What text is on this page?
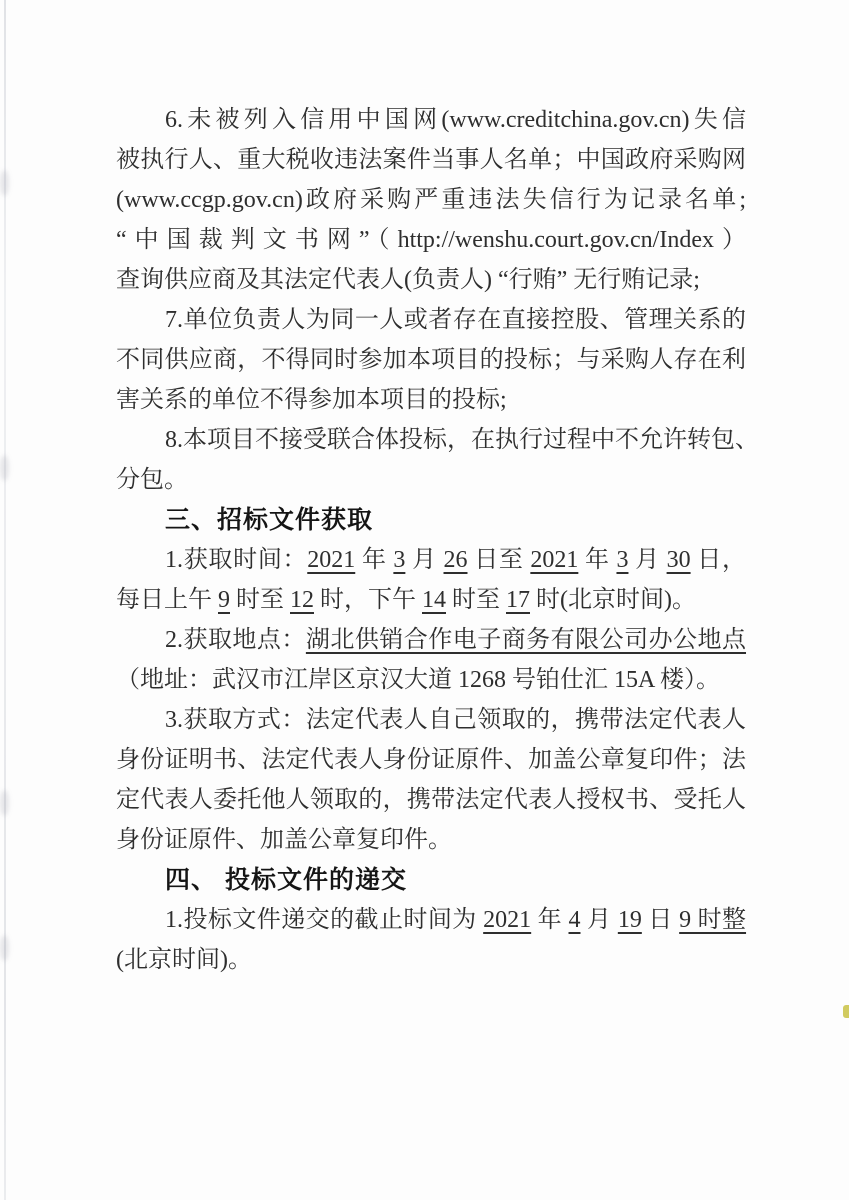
6.未被列入信用中国网(www.creditchina.gov.cn)失信
被执行人、重大税收违法案件当事人名单；中国政府采购网
(www.ccgp.gov.cn)政府采购严重违法失信行为记录名单;
“中国裁判文书网”（http://wenshu.court.gov.cn/Index）
查询供应商及其法定代表人(负责人) “行贿” 无行贿记录;
7.单位负责人为同一人或者存在直接控股、管理关系的
不同供应商，不得同时参加本项目的投标；与采购人存在利
害关系的单位不得参加本项目的投标;
8.本项目不接受联合体投标，在执行过程中不允许转包、
分包。
三、招标文件获取
1.获取时间：2021 年 3 月 26 日至 2021 年 3 月 30 日，
每日上午 9 时至 12 时，下午 14 时至 17 时(北京时间)。
2.获取地点：湖北供销合作电子商务有限公司办公地点
（地址：武汉市江岸区京汉大道 1268 号铂仕汇 15A 楼）。
3.获取方式：法定代表人自己领取的，携带法定代表人
身份证明书、法定代表人身份证原件、加盖公章复印件；法
定代表人委托他人领取的，携带法定代表人授权书、受托人
身份证原件、加盖公章复印件。
四、 投标文件的递交
1.投标文件递交的截止时间为 2021 年 4 月 19 日 9 时整
(北京时间)。
